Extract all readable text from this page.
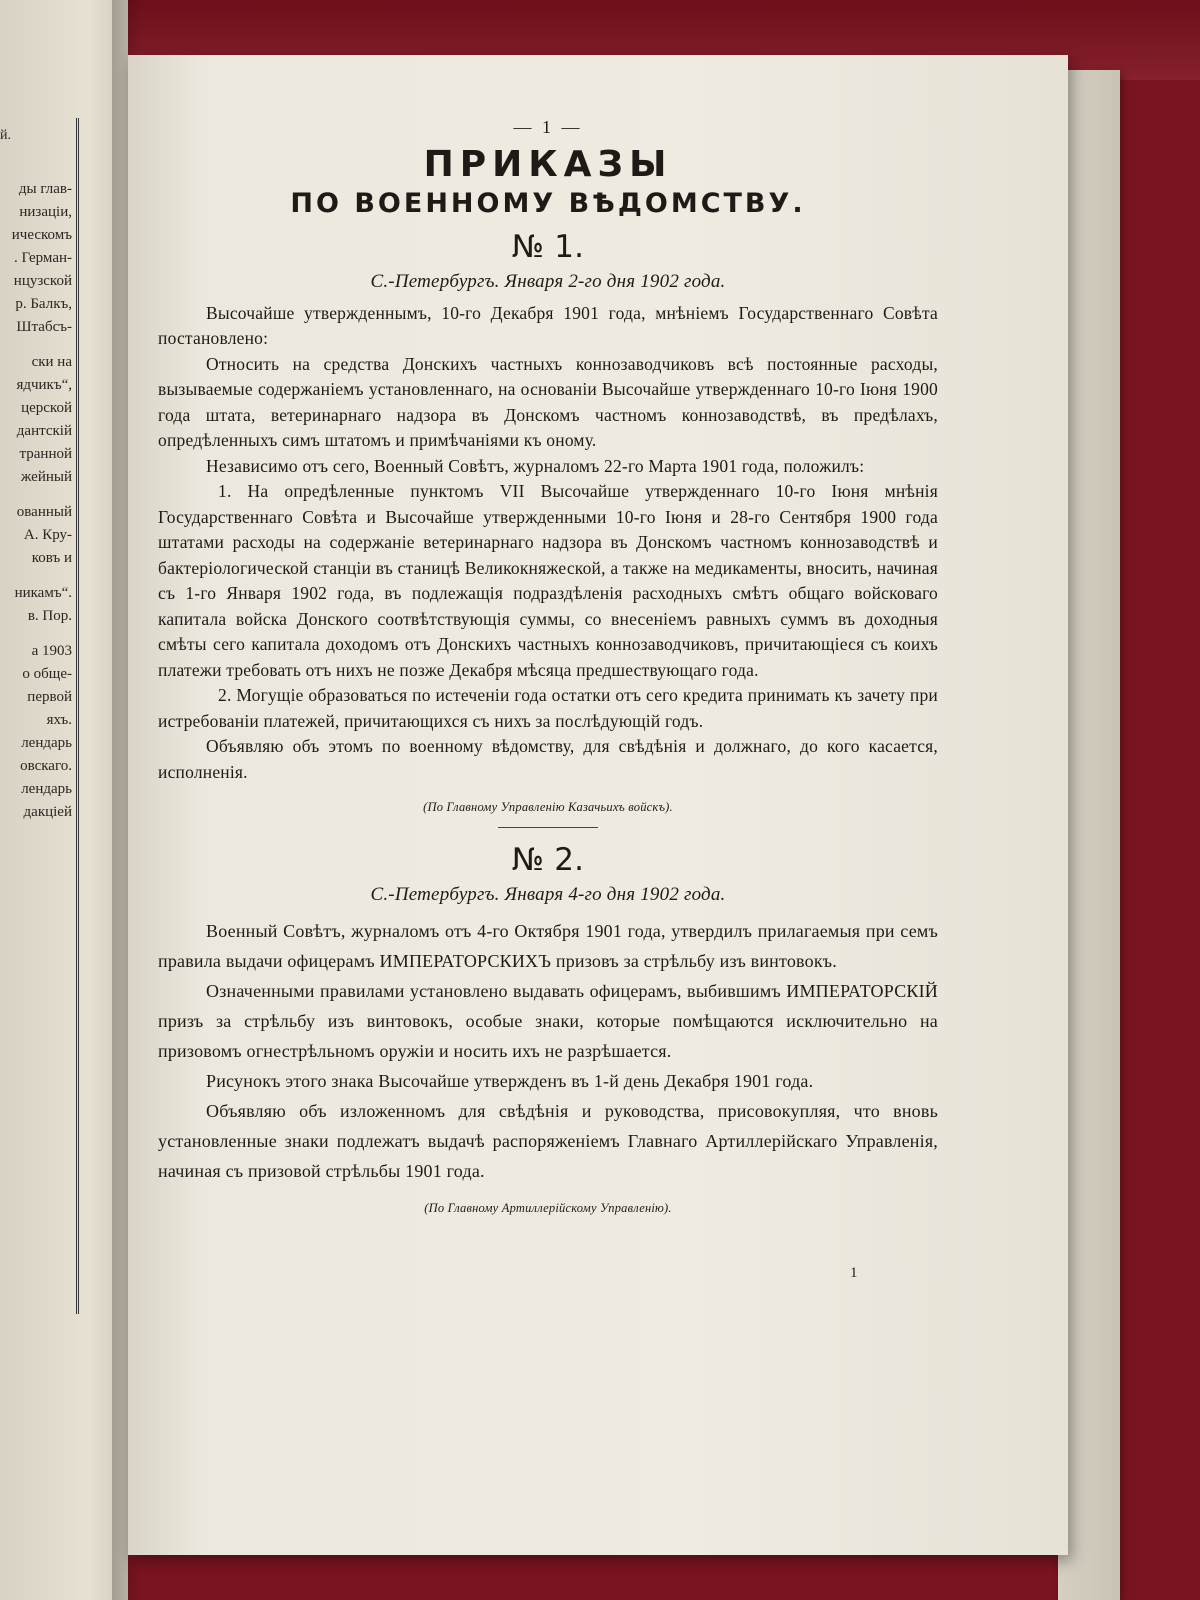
й.
ды глав-
низаціи,
ическомъ
. Герман-
нцузской
р. Балкъ,
Штабсъ-
ски на
ядчикъ“,
церской
дантскій
транной
жейный
ованный
А. Кру-
ковъ и
никамъ“.
в. Пор.
а 1903
о обще-
первой
яхъ.
лендарь
овскаго.
лендарь
дакціей
— 1 —
ПРИКАЗЫ
ПО ВОЕННОМУ ВѢДОМСТВУ.
№ 1.
С.-Петербургъ. Января 2-го дня 1902 года.

Высочайше утвержденнымъ, 10-го Декабря 1901 года, мнѣніемъ Государственнаго Совѣта постановлено:

Относить на средства Донскихъ частныхъ коннозаводчиковъ всѣ постоянные расходы, вызываемые содержаніемъ установленнаго, на основаніи Высочайше утвержденнаго 10-го Іюня 1900 года штата, ветеринарнаго надзора въ Донскомъ частномъ коннозаводствѣ, въ предѣлахъ, опредѣленныхъ симъ штатомъ и примѣчаніями къ оному.

Независимо отъ сего, Военный Совѣтъ, журналомъ 22-го Марта 1901 года, положилъ:

1. На опредѣленные пунктомъ VII Высочайше утвержденнаго 10-го Іюня мнѣнія Государственнаго Совѣта и Высочайше утвержденными 10-го Іюня и 28-го Сентября 1900 года штатами расходы на содержаніе ветеринарнаго надзора въ Донскомъ частномъ коннозаводствѣ и бактеріологической станціи въ станицѣ Великокняжеской, а также на медикаменты, вносить, начиная съ 1-го Января 1902 года, въ подлежащія подраздѣленія расходныхъ смѣтъ общаго войсковаго капитала войска Донского соотвѣтствующія суммы, со внесеніемъ равныхъ суммъ въ доходныя смѣты сего капитала доходомъ отъ Донскихъ частныхъ коннозаводчиковъ, причитающіеся съ коихъ платежи требовать отъ нихъ не позже Декабря мѣсяца предшествующаго года.

2. Могущіе образоваться по истеченіи года остатки отъ сего кредита принимать къ зачету при истребованіи платежей, причитающихся съ нихъ за послѣдующій годъ.

Объявляю объ этомъ по военному вѣдомству, для свѣдѣнія и должнаго, до кого касается, исполненія.

(По Главному Управленію Казачьихъ войскъ).
№ 2.
С.-Петербургъ. Января 4-го дня 1902 года.

Военный Совѣтъ, журналомъ отъ 4-го Октября 1901 года, утвердилъ прилагаемыя при семъ правила выдачи офицерамъ ИМПЕРАТОРСКИХЪ призовъ за стрѣльбу изъ винтовокъ.

Означенными правилами установлено выдавать офицерамъ, выбившимъ ИМПЕРАТОРСКІЙ призъ за стрѣльбу изъ винтовокъ, особые знаки, которые помѣщаются исключительно на призовомъ огнестрѣльномъ оружіи и носить ихъ не разрѣшается.

Рисунокъ этого знака Высочайше утвержденъ въ 1-й день Декабря 1901 года.

Объявляю объ изложенномъ для свѣдѣнія и руководства, присовокупляя, что вновь установленные знаки подлежатъ выдачѣ распоряженіемъ Главнаго Артиллерійскаго Управленія, начиная съ призовой стрѣльбы 1901 года.

(По Главному Артиллерійскому Управленію).
1
